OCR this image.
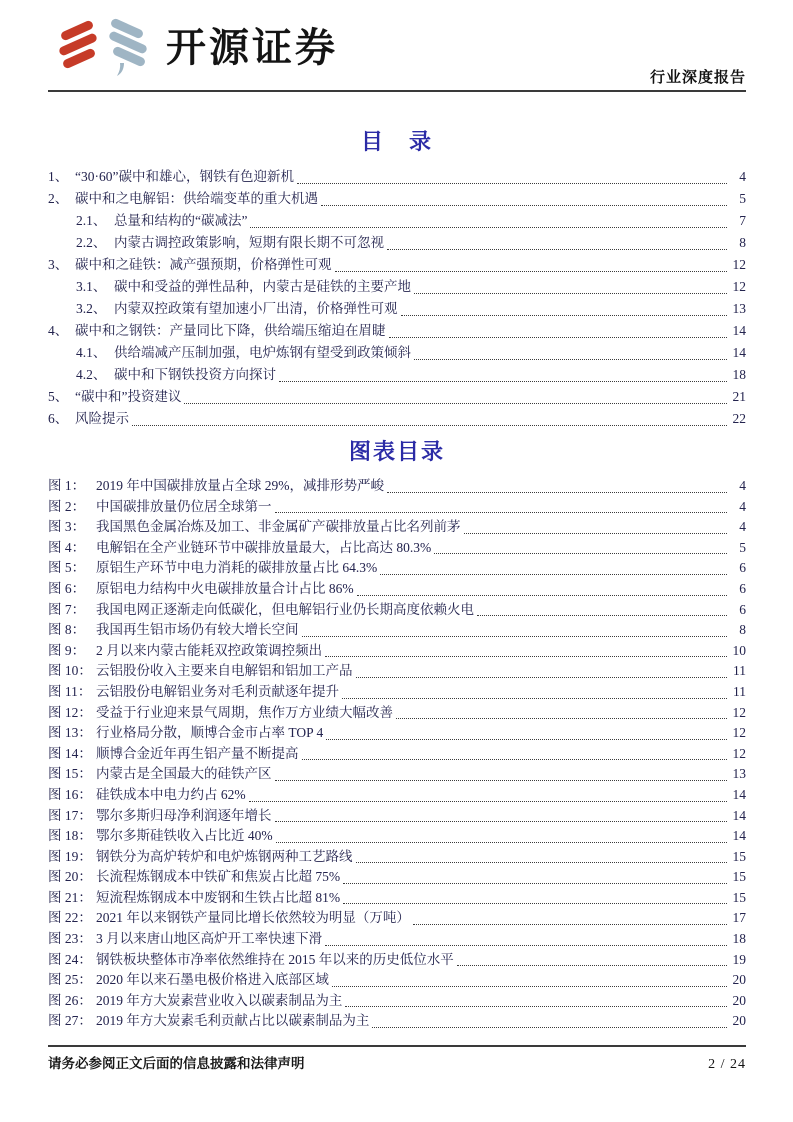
开源证券
行业深度报告
目　录
1、 “30·60”碳中和雄心，钢铁有色迎新机	4
2、 碳中和之电解铝：供给端变革的重大机遇	5
2.1、 总量和结构的“碳减法”	7
2.2、 内蒙古调控政策影响，短期有限长期不可忽视	8
3、 碳中和之硅铁：减产强预期，价格弹性可观	12
3.1、 碳中和受益的弹性品种，内蒙古是硅铁的主要产地	12
3.2、 内蒙双控政策有望加速小厂出清，价格弹性可观	13
4、 碳中和之钢铁：产量同比下降，供给端压缩迫在眉睫	14
4.1、 供给端减产压制加强，电炉炼钢有望受到政策倾斜	14
4.2、 碳中和下钢铁投资方向探讨	18
5、 “碳中和”投资建议	21
6、 风险提示	22
图表目录
图 1： 2019 年中国碳排放量占全球 29%，减排形势严峻	4
图 2： 中国碳排放量仍位居全球第一	4
图 3： 我国黑色金属冶炼及加工、非金属矿产碳排放量占比名列前茅	4
图 4： 电解铝在全产业链环节中碳排放量最大，占比高达 80.3%	5
图 5： 原铝生产环节中电力消耗的碳排放量占比 64.3%	6
图 6： 原铝电力结构中火电碳排放量合计占比 86%	6
图 7： 我国电网正逐渐走向低碳化，但电解铝行业仍长期高度依赖火电	6
图 8： 我国再生铝市场仍有较大增长空间	8
图 9： 2 月以来内蒙古能耗双控政策调控频出	10
图 10： 云铝股份收入主要来自电解铝和铝加工产品	11
图 11： 云铝股份电解铝业务对毛利贡献逐年提升	11
图 12： 受益于行业迎来景气周期，焦作万方业绩大幅改善	12
图 13： 行业格局分散，顺博合金市占率 TOP 4	12
图 14： 顺博合金近年再生铝产量不断提高	12
图 15： 内蒙古是全国最大的硅铁产区	13
图 16： 硅铁成本中电力约占 62%	14
图 17： 鄂尔多斯归母净利润逐年增长	14
图 18： 鄂尔多斯硅铁收入占比近 40%	14
图 19： 钢铁分为高炉转炉和电炉炼钢两种工艺路线	15
图 20： 长流程炼钢成本中铁矿和焦炭占比超 75%	15
图 21： 短流程炼钢成本中废钢和生铁占比超 81%	15
图 22： 2021 年以来钢铁产量同比增长依然较为明显（万吨）	17
图 23： 3 月以来唐山地区高炉开工率快速下滑	18
图 24： 钢铁板块整体市净率依然维持在 2015 年以来的历史低位水平	19
图 25： 2020 年以来石墨电极价格进入底部区域	20
图 26： 2019 年方大炭素营业收入以碳素制品为主	20
图 27： 2019 年方大炭素毛利贡献占比以碳素制品为主	20
请务必参阅正文后面的信息披露和法律声明	2 / 24
